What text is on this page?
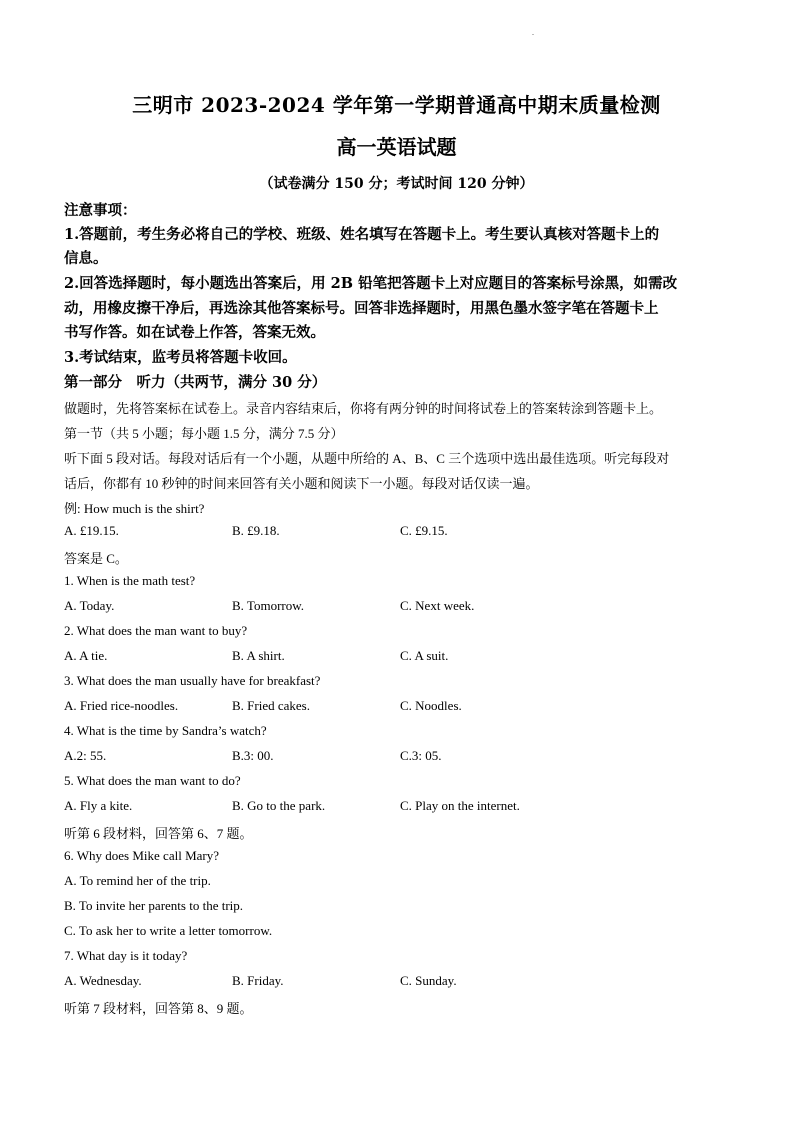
三明市 2023-2024 学年第一学期普通高中期末质量检测
高一英语试题
（试卷满分 150 分；考试时间 120 分钟）
注意事项：
1.答题前，考生务必将自己的学校、班级、姓名填写在答题卡上。考生要认真核对答题卡上的
信息。
2.回答选择题时，每小题选出答案后，用 2B 铅笔把答题卡上对应题目的答案标号涂黑，如需改
动，用橡皮擦干净后，再选涂其他答案标号。回答非选择题时，用黑色墨水签字笔在答题卡上
书写作答。如在试卷上作答，答案无效。
3.考试结束，监考员将答题卡收回。
第一部分　听力（共两节，满分 30 分）
做题时，先将答案标在试卷上。录音内容结束后，你将有两分钟的时间将试卷上的答案转涂到答题卡上。
第一节（共 5 小题；每小题 1.5 分，满分 7.5 分）
听下面 5 段对话。每段对话后有一个小题，从题中所给的 A、B、C 三个选项中选出最佳选项。听完每段对
话后，你都有 10 秒钟的时间来回答有关小题和阅读下一小题。每段对话仅读一遍。
例: How much is the shirt?
A. £19.15.	B. £9.18.	C. £9.15.
答案是 C。
1. When is the math test?
A. Today.	B. Tomorrow.	C. Next week.
2. What does the man want to buy?
A. A tie.	B. A shirt.	C. A suit.
3. What does the man usually have for breakfast?
A. Fried rice-noodles.	B. Fried cakes.	C. Noodles.
4. What is the time by Sandra’s watch?
A.2: 55.	B.3: 00.	C.3: 05.
5. What does the man want to do?
A. Fly a kite.	B. Go to the park.	C. Play on the internet.
听第 6 段材料，回答第 6、7 题。
6. Why does Mike call Mary?
A. To remind her of the trip.
B. To invite her parents to the trip.
C. To ask her to write a letter tomorrow.
7. What day is it today?
A. Wednesday.	B. Friday.	C. Sunday.
听第 7 段材料，回答第 8、9 题。
